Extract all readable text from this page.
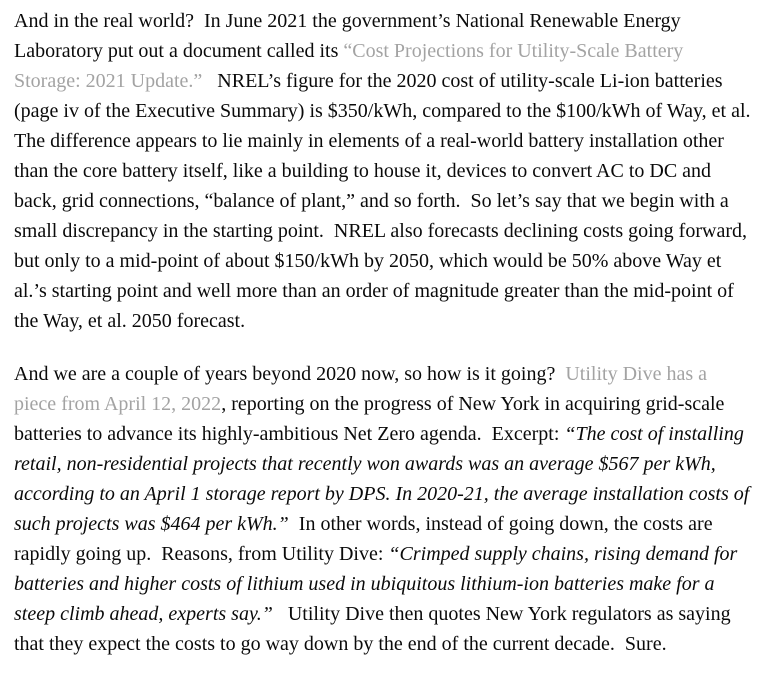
And in the real world?  In June 2021 the government’s National Renewable Energy Laboratory put out a document called its “Cost Projections for Utility-Scale Battery Storage: 2021 Update.”   NREL’s figure for the 2020 cost of utility-scale Li-ion batteries (page iv of the Executive Summary) is $350/kWh, compared to the $100/kWh of Way, et al.  The difference appears to lie mainly in elements of a real-world battery installation other than the core battery itself, like a building to house it, devices to convert AC to DC and back, grid connections, “balance of plant,” and so forth.  So let’s say that we begin with a small discrepancy in the starting point.  NREL also forecasts declining costs going forward, but only to a mid-point of about $150/kWh by 2050, which would be 50% above Way et al.’s starting point and well more than an order of magnitude greater than the mid-point of the Way, et al. 2050 forecast.

And we are a couple of years beyond 2020 now, so how is it going?  Utility Dive has a piece from April 12, 2022, reporting on the progress of New York in acquiring grid-scale batteries to advance its highly-ambitious Net Zero agenda.  Excerpt: “The cost of installing retail, non-residential projects that recently won awards was an average $567 per kWh, according to an April 1 storage report by DPS. In 2020-21, the average installation costs of such projects was $464 per kWh.”  In other words, instead of going down, the costs are rapidly going up.  Reasons, from Utility Dive: “Crimped supply chains, rising demand for batteries and higher costs of lithium used in ubiquitous lithium-ion batteries make for a steep climb ahead, experts say.”   Utility Dive then quotes New York regulators as saying that they expect the costs to go way down by the end of the current decade.  Sure.
